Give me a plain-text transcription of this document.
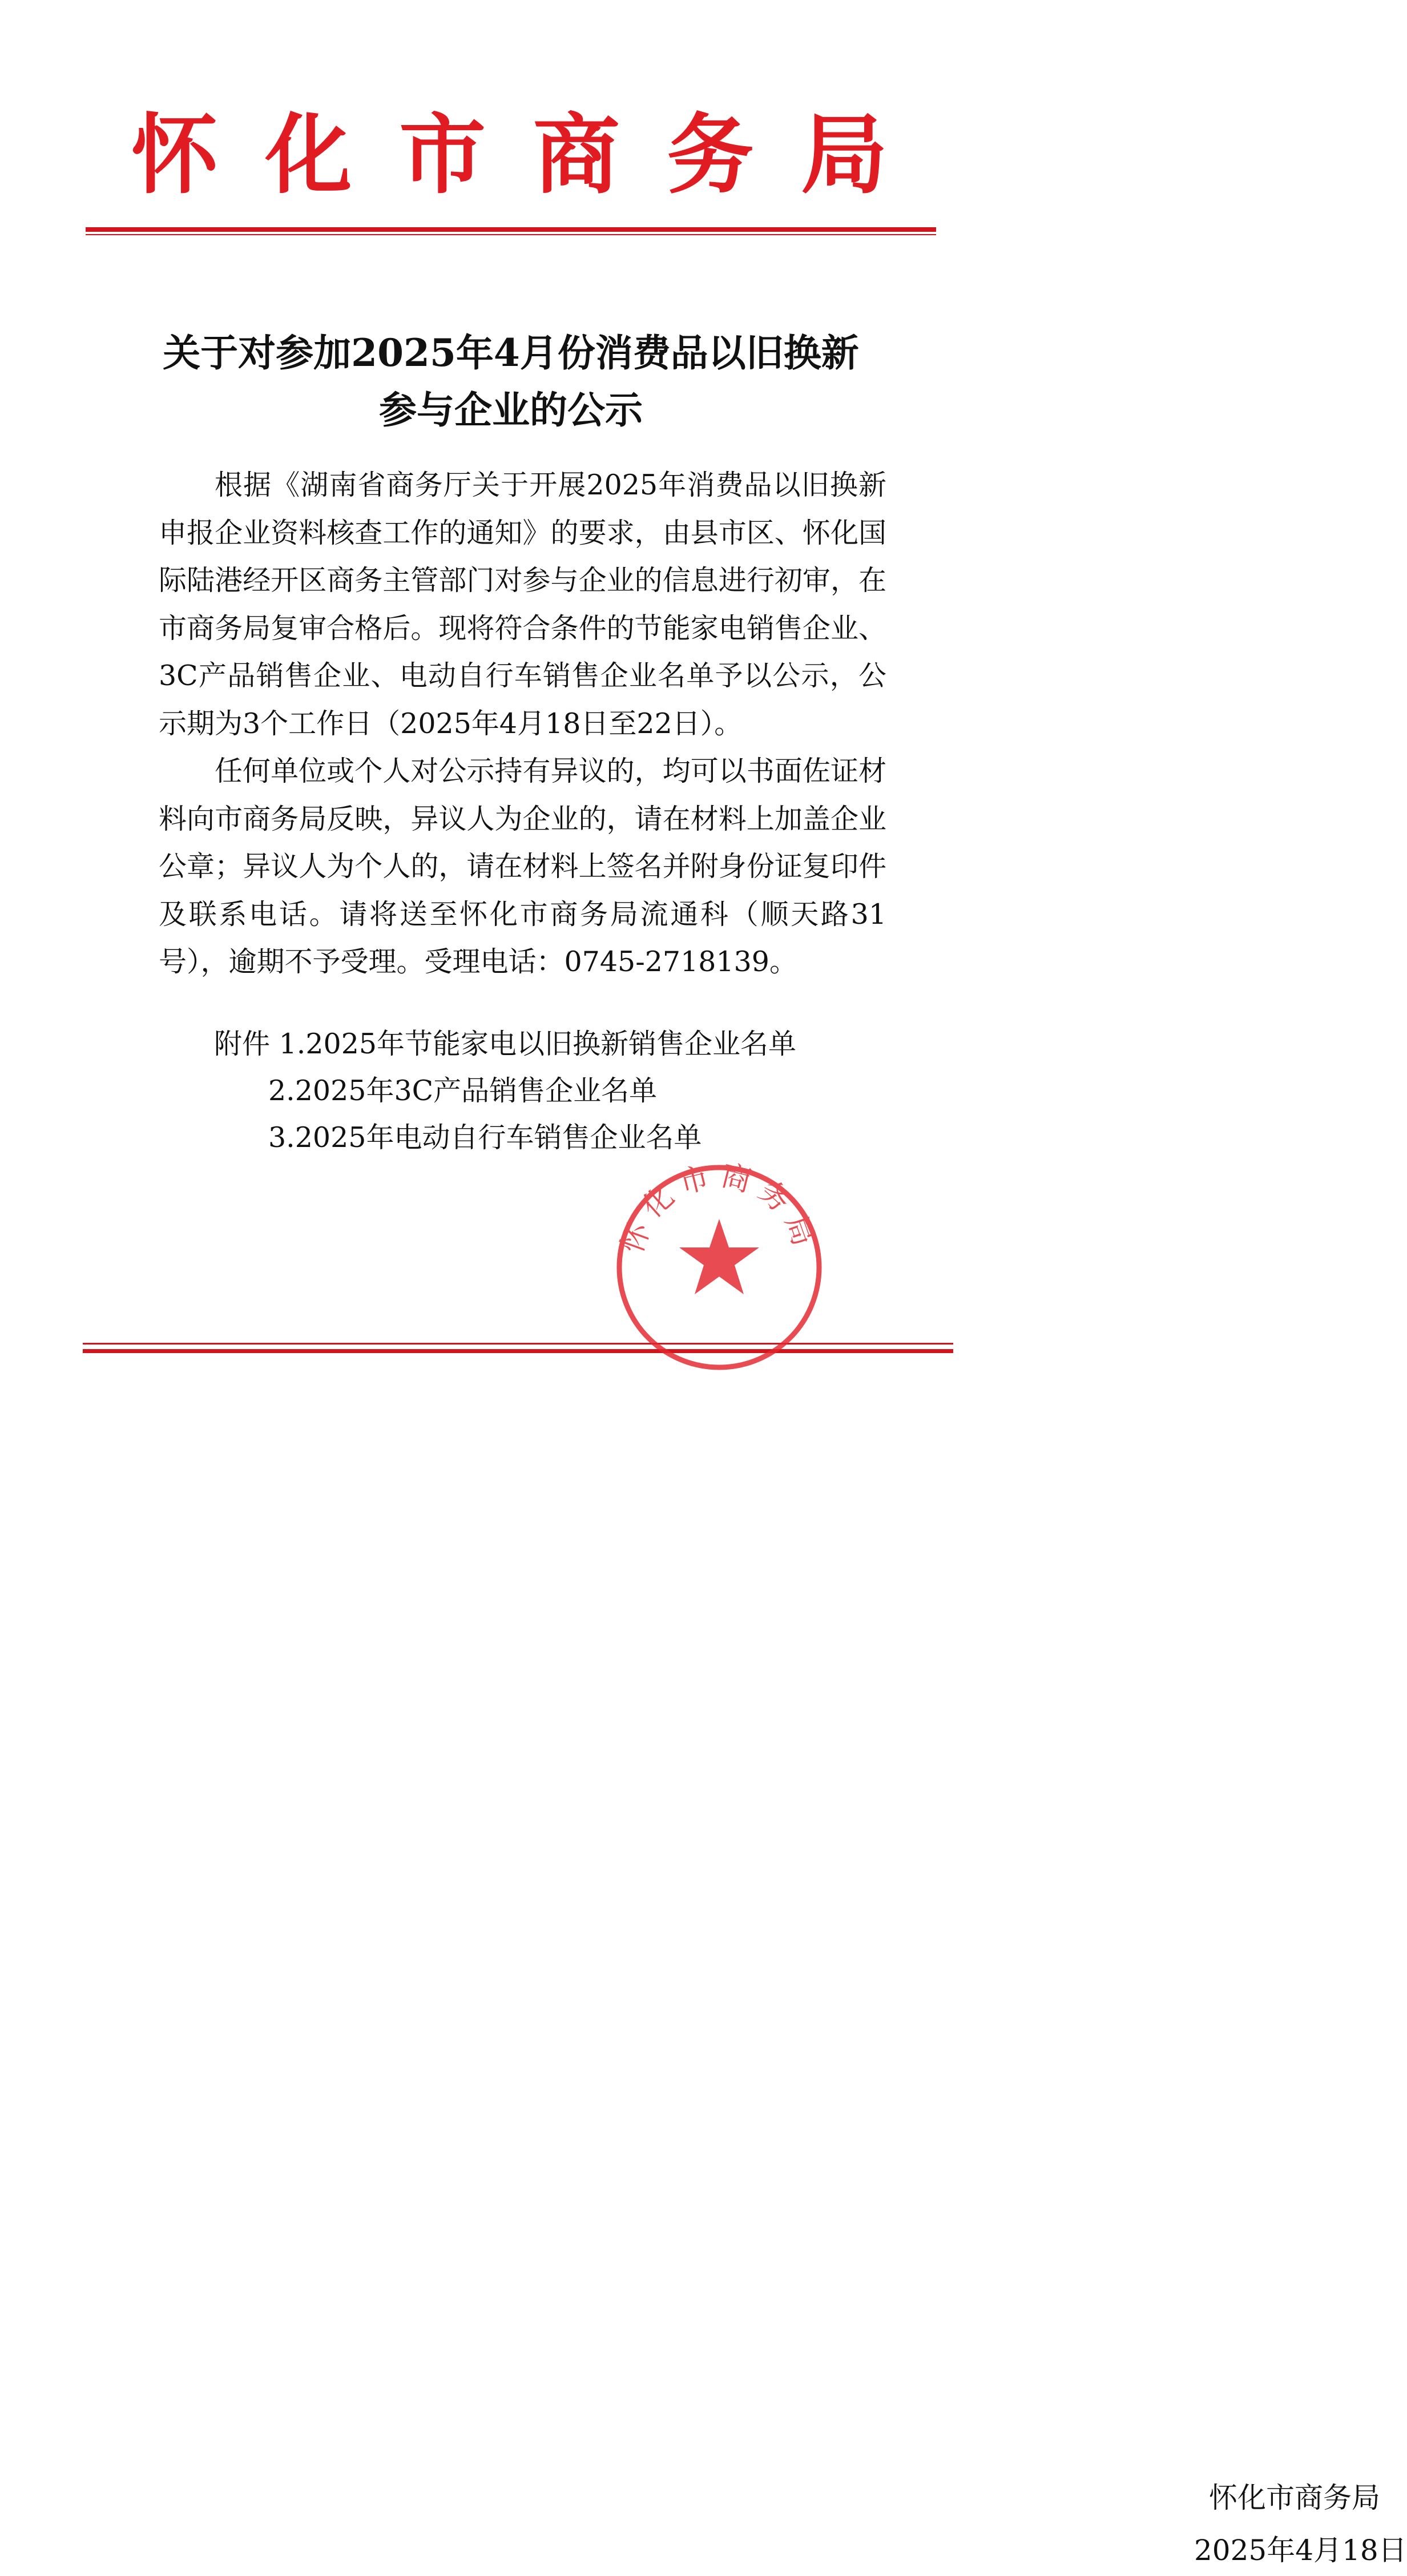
怀 化 市 商 务 局
关于对参加2025年4月份消费品以旧换新
参与企业的公示

根据《湖南省商务厅关于开展2025年消费品以旧换新申报企业资料核查工作的通知》的要求，由县市区、怀化国际陆港经开区商务主管部门对参与企业的信息进行初审，在市商务局复审合格后。现将符合条件的节能家电销售企业、3C产品销售企业、电动自行车销售企业名单予以公示，公示期为3个工作日（2025年4月18日至22日）。

任何单位或个人对公示持有异议的，均可以书面佐证材料向市商务局反映，异议人为企业的，请在材料上加盖企业公章；异议人为个人的，请在材料上签名并附身份证复印件及联系电话。请将送至怀化市商务局流通科（顺天路31号），逾期不予受理。受理电话：0745-2718139。

附件 1.2025年节能家电以旧换新销售企业名单
2.2025年3C产品销售企业名单
3.2025年电动自行车销售企业名单
怀化市商务局
2025年4月18日
怀化市商务局
